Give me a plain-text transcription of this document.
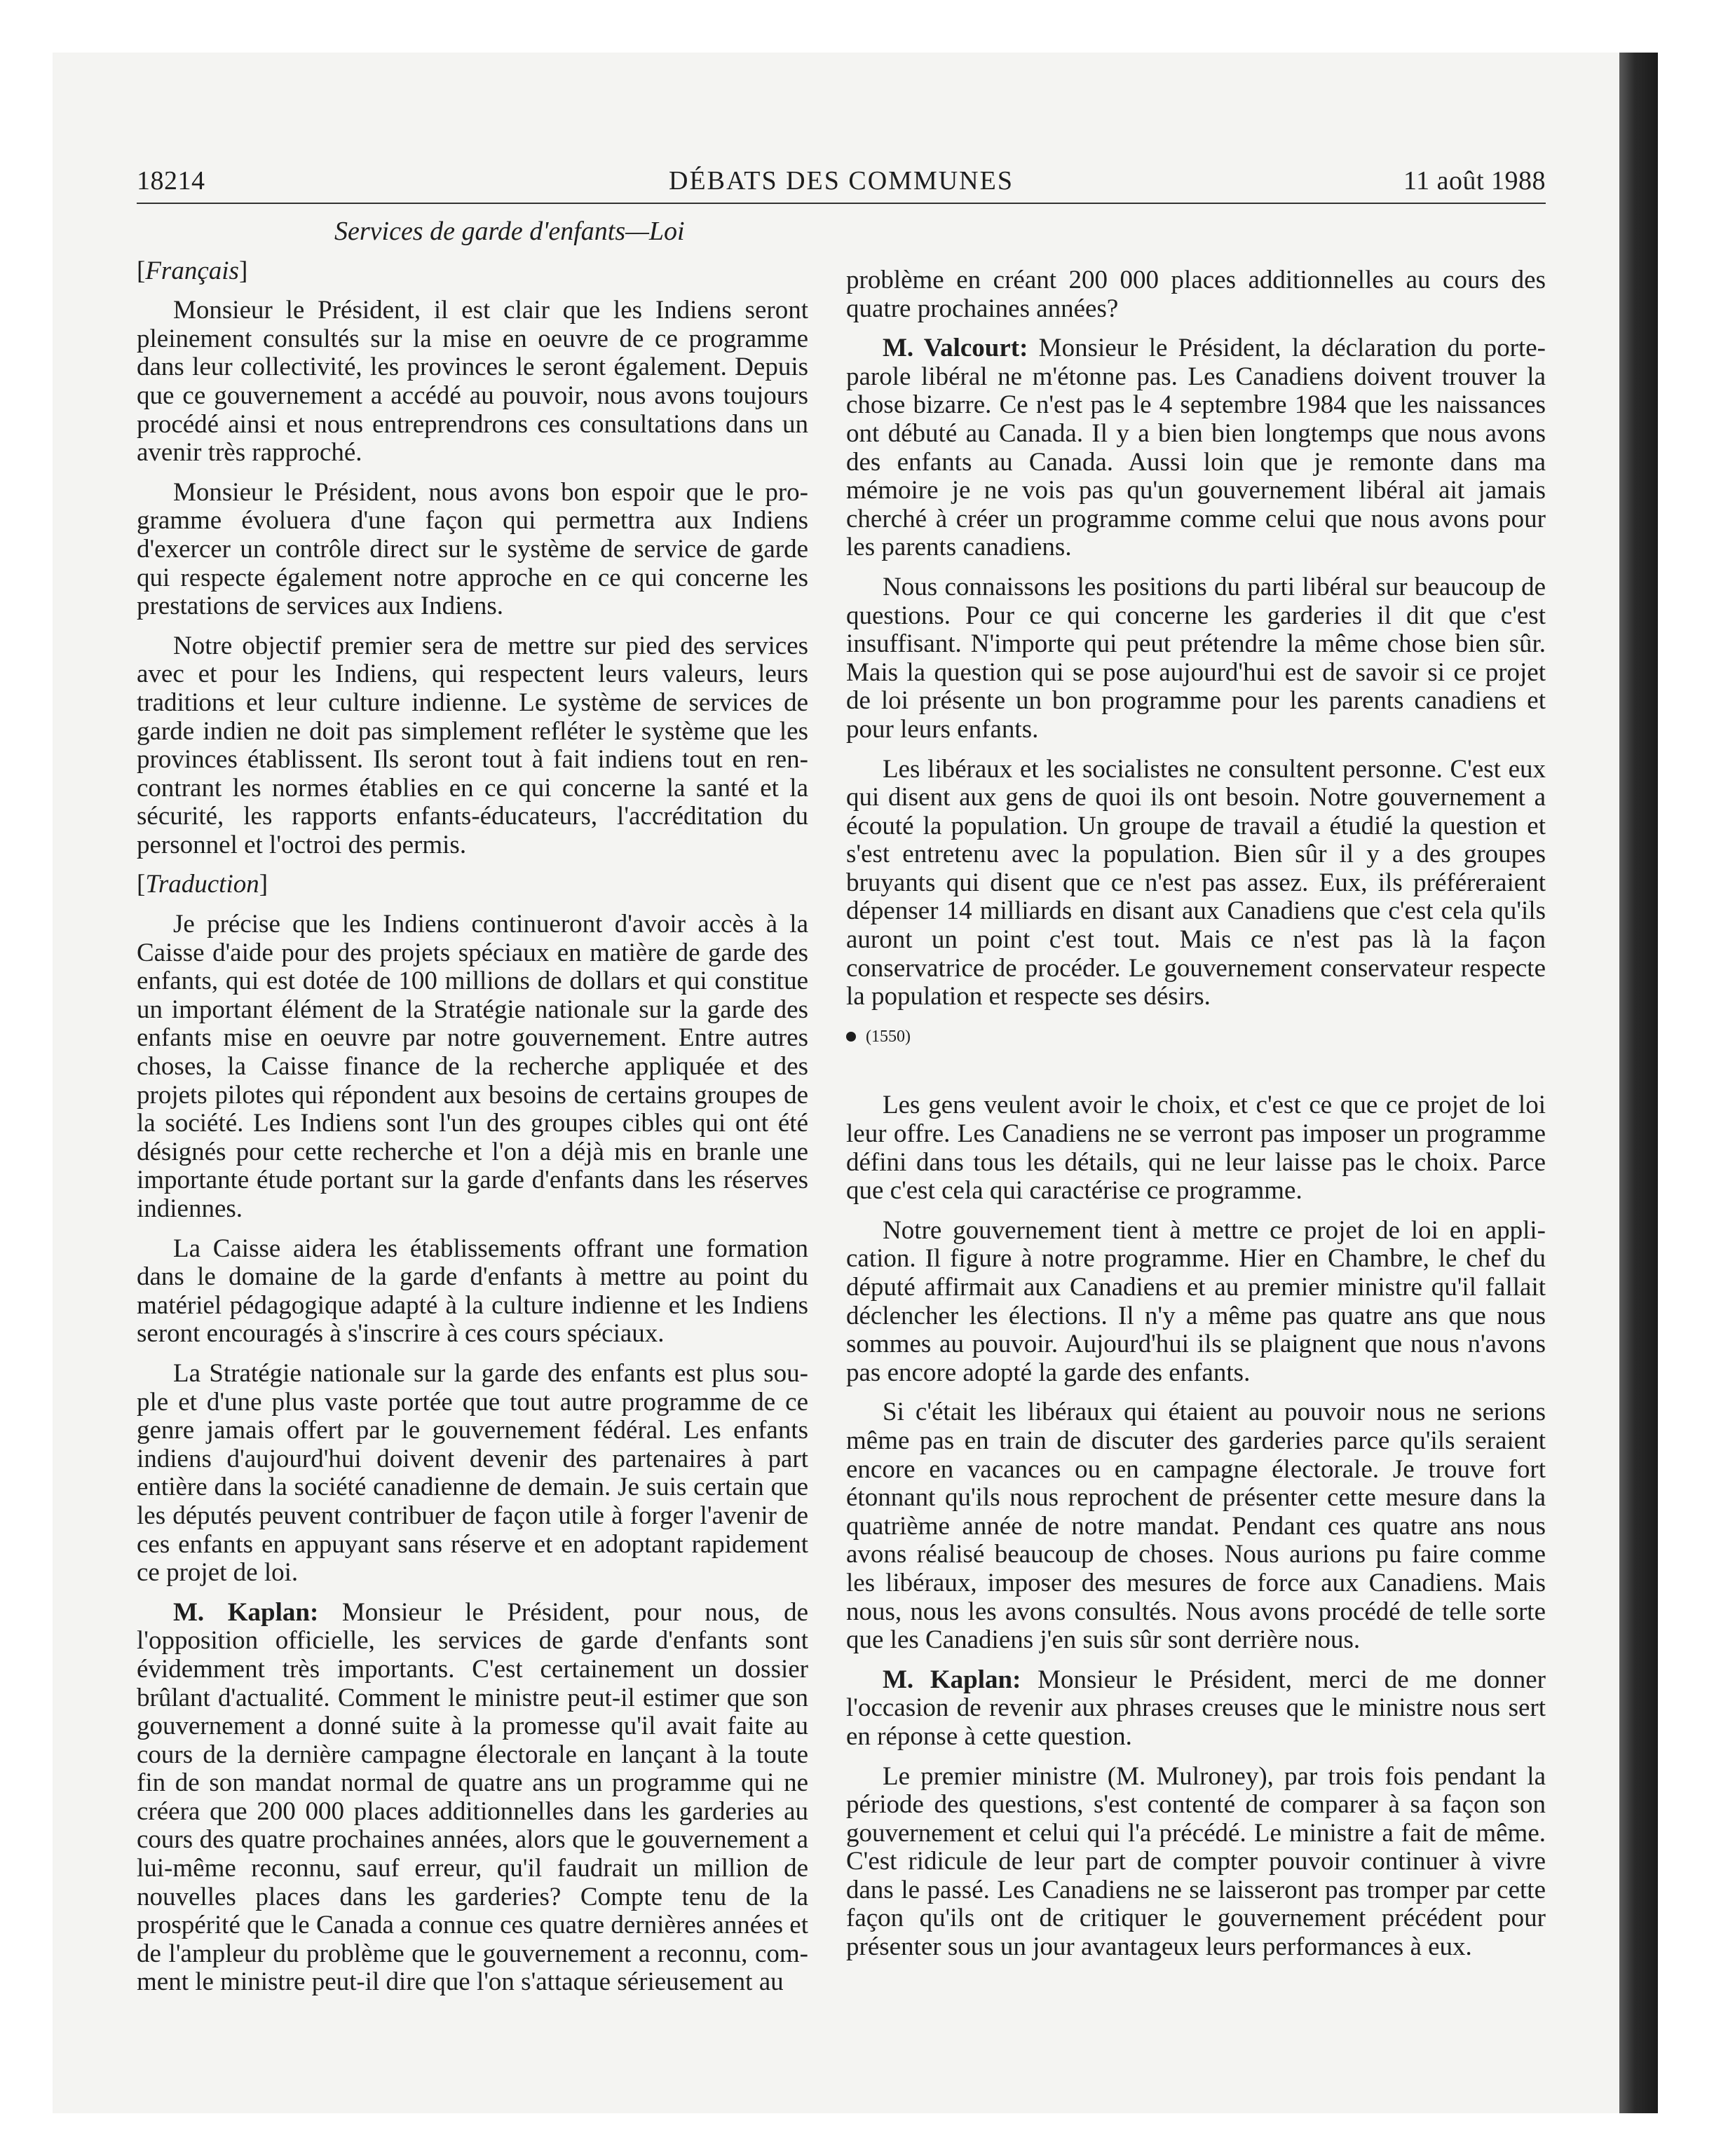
18214	DÉBATS DES COMMUNES	11 août 1988

Services de garde d'enfants—Loi

[Français]

Monsieur le Président, il est clair que les Indiens seront pleinement consultés sur la mise en oeuvre de ce programme dans leur collectivité, les provinces le seront également. Depuis que ce gouvernement a accédé au pouvoir, nous avons toujours procédé ainsi et nous entreprendrons ces consultations dans un avenir très rapproché.

Monsieur le Président, nous avons bon espoir que le programme évoluera d'une façon qui permettra aux Indiens d'exercer un contrôle direct sur le système de service de garde qui respecte également notre approche en ce qui concerne les prestations de services aux Indiens.

Notre objectif premier sera de mettre sur pied des services avec et pour les Indiens, qui respectent leurs valeurs, leurs traditions et leur culture indienne. Le système de services de garde indien ne doit pas simplement refléter le système que les provinces établissent. Ils seront tout à fait indiens tout en rencontrant les normes établies en ce qui concerne la santé et la sécurité, les rapports enfants-éducateurs, l'accréditation du personnel et l'octroi des permis.

[Traduction]

Je précise que les Indiens continueront d'avoir accès à la Caisse d'aide pour des projets spéciaux en matière de garde des enfants, qui est dotée de 100 millions de dollars et qui constitue un important élément de la Stratégie nationale sur la garde des enfants mise en oeuvre par notre gouvernement. Entre autres choses, la Caisse finance de la recherche appliquée et des projets pilotes qui répondent aux besoins de certains groupes de la société. Les Indiens sont l'un des groupes cibles qui ont été désignés pour cette recherche et l'on a déjà mis en branle une importante étude portant sur la garde d'enfants dans les réserves indiennes.

La Caisse aidera les établissements offrant une formation dans le domaine de la garde d'enfants à mettre au point du matériel pédagogique adapté à la culture indienne et les Indiens seront encouragés à s'inscrire à ces cours spéciaux.

La Stratégie nationale sur la garde des enfants est plus souple et d'une plus vaste portée que tout autre programme de ce genre jamais offert par le gouvernement fédéral. Les enfants indiens d'aujourd'hui doivent devenir des partenaires à part entière dans la société canadienne de demain. Je suis certain que les députés peuvent contribuer de façon utile à forger l'avenir de ces enfants en appuyant sans réserve et en adoptant rapidement ce projet de loi.

M. Kaplan: Monsieur le Président, pour nous, de l'opposition officielle, les services de garde d'enfants sont évidemment très importants. C'est certainement un dossier brûlant d'actualité. Comment le ministre peut-il estimer que son gouvernement a donné suite à la promesse qu'il avait faite au cours de la dernière campagne électorale en lançant à la toute fin de son mandat normal de quatre ans un programme qui ne créera que 200 000 places additionnelles dans les garderies au cours des quatre prochaines années, alors que le gouvernement a lui-même reconnu, sauf erreur, qu'il faudrait un million de nouvelles places dans les garderies? Compte tenu de la prospérité que le Canada a connue ces quatre dernières années et de l'ampleur du problème que le gouvernement a reconnu, comment le ministre peut-il dire que l'on s'attaque sérieusement au

problème en créant 200 000 places additionnelles au cours des quatre prochaines années?

M. Valcourt: Monsieur le Président, la déclaration du porte-parole libéral ne m'étonne pas. Les Canadiens doivent trouver la chose bizarre. Ce n'est pas le 4 septembre 1984 que les naissances ont débuté au Canada. Il y a bien bien longtemps que nous avons des enfants au Canada. Aussi loin que je remonte dans ma mémoire je ne vois pas qu'un gouvernement libéral ait jamais cherché à créer un programme comme celui que nous avons pour les parents canadiens.

Nous connaissons les positions du parti libéral sur beaucoup de questions. Pour ce qui concerne les garderies il dit que c'est insuffisant. N'importe qui peut prétendre la même chose bien sûr. Mais la question qui se pose aujourd'hui est de savoir si ce projet de loi présente un bon programme pour les parents canadiens et pour leurs enfants.

Les libéraux et les socialistes ne consultent personne. C'est eux qui disent aux gens de quoi ils ont besoin. Notre gouvernement a écouté la population. Un groupe de travail a étudié la question et s'est entretenu avec la population. Bien sûr il y a des groupes bruyants qui disent que ce n'est pas assez. Eux, ils préféreraient dépenser 14 milliards en disant aux Canadiens que c'est cela qu'ils auront un point c'est tout. Mais ce n'est pas là la façon conservatrice de procéder. Le gouvernement conservateur respecte la population et respecte ses désirs.

(1550)

Les gens veulent avoir le choix, et c'est ce que ce projet de loi leur offre. Les Canadiens ne se verront pas imposer un programme défini dans tous les détails, qui ne leur laisse pas le choix. Parce que c'est cela qui caractérise ce programme.

Notre gouvernement tient à mettre ce projet de loi en application. Il figure à notre programme. Hier en Chambre, le chef du député affirmait aux Canadiens et au premier ministre qu'il fallait déclencher les élections. Il n'y a même pas quatre ans que nous sommes au pouvoir. Aujourd'hui ils se plaignent que nous n'avons pas encore adopté la garde des enfants.

Si c'était les libéraux qui étaient au pouvoir nous ne serions même pas en train de discuter des garderies parce qu'ils seraient encore en vacances ou en campagne électorale. Je trouve fort étonnant qu'ils nous reprochent de présenter cette mesure dans la quatrième année de notre mandat. Pendant ces quatre ans nous avons réalisé beaucoup de choses. Nous aurions pu faire comme les libéraux, imposer des mesures de force aux Canadiens. Mais nous, nous les avons consultés. Nous avons procédé de telle sorte que les Canadiens j'en suis sûr sont derrière nous.

M. Kaplan: Monsieur le Président, merci de me donner l'occasion de revenir aux phrases creuses que le ministre nous sert en réponse à cette question.

Le premier ministre (M. Mulroney), par trois fois pendant la période des questions, s'est contenté de comparer à sa façon son gouvernement et celui qui l'a précédé. Le ministre a fait de même. C'est ridicule de leur part de compter pouvoir continuer à vivre dans le passé. Les Canadiens ne se laisseront pas tromper par cette façon qu'ils ont de critiquer le gouvernement précédent pour présenter sous un jour avantageux leurs performances à eux.
